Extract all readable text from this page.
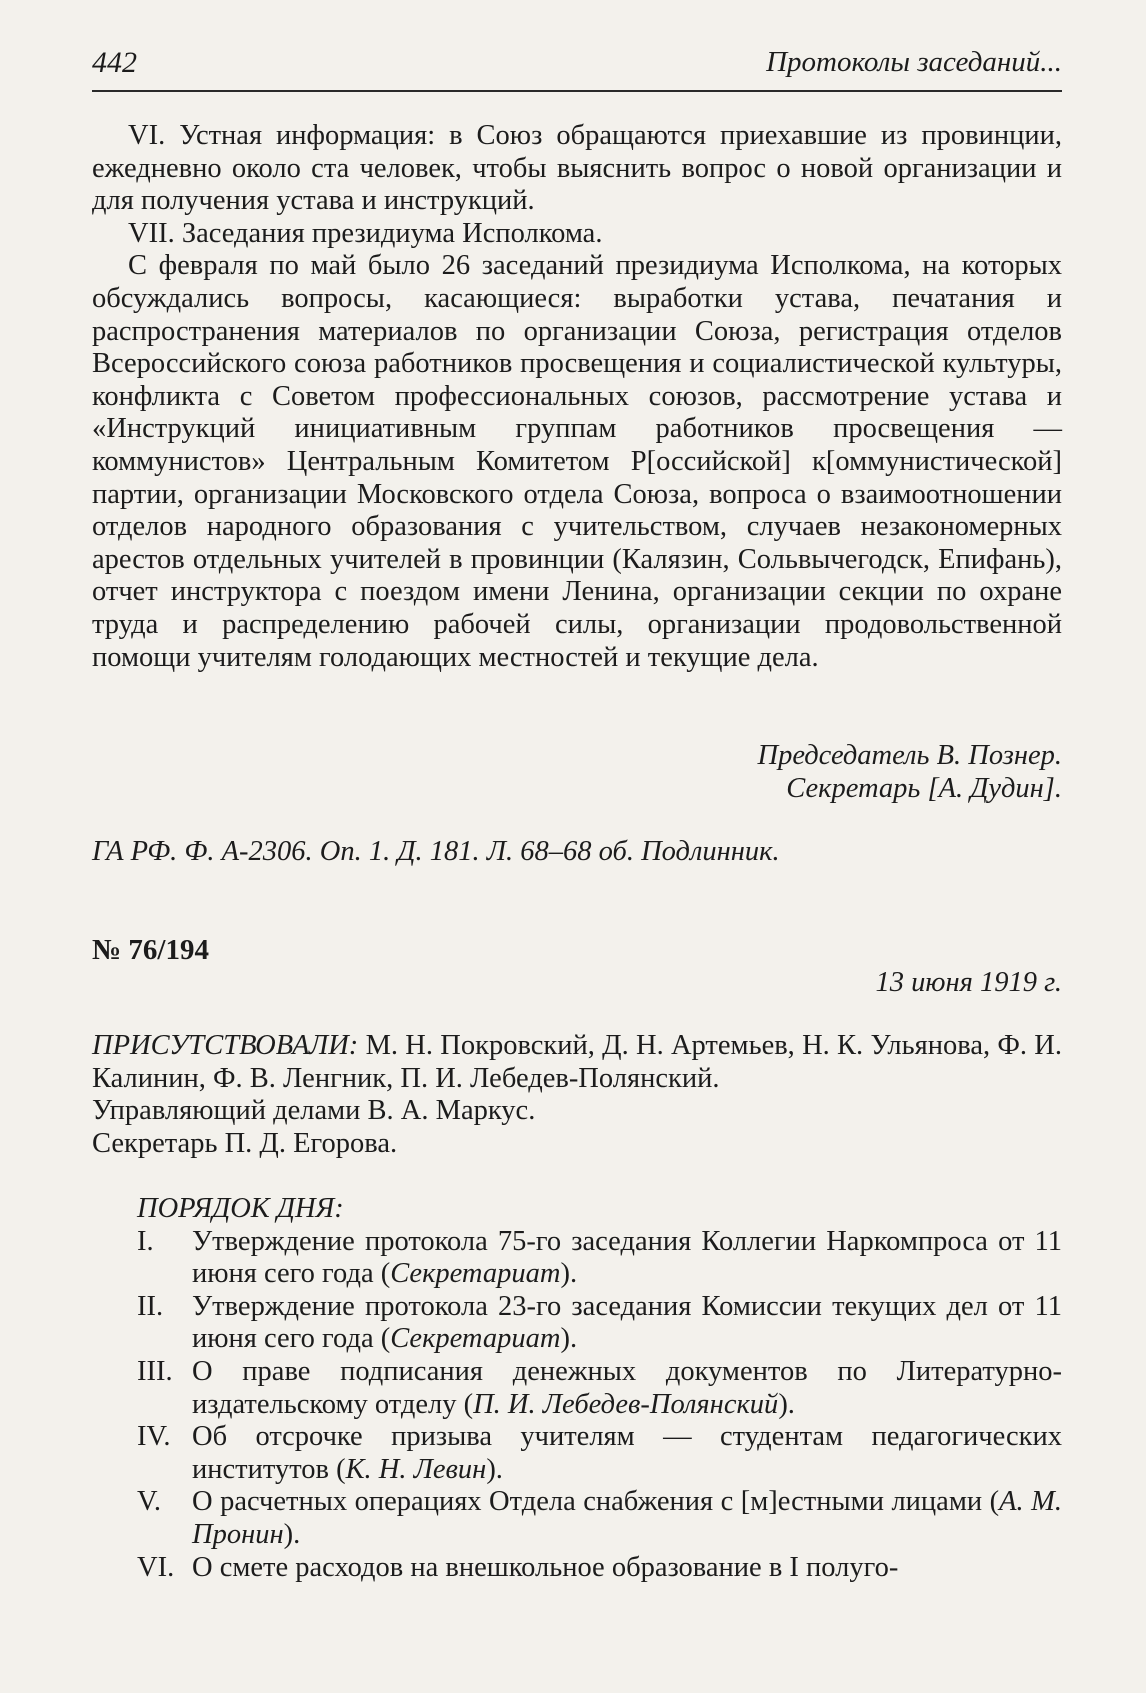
442	Протоколы заседаний...

VI. Устная информация: в Союз обращаются приехавшие из провинции, ежедневно около ста человек, чтобы выяснить вопрос о новой организации и для получения устава и инструкций.

VII. Заседания президиума Исполкома.

С февраля по май было 26 заседаний президиума Исполкома, на которых обсуждались вопросы, касающиеся: выработки устава, печатания и распространения материалов по организации Союза, регистрация отделов Всероссийского союза работников просвещения и социалистической культуры, конфликта с Советом профессиональных союзов, рассмотрение устава и «Инструкций инициативным группам работников просвещения — коммунистов» Центральным Комитетом Р[оссийской] к[оммунистической] партии, организации Московского отдела Союза, вопроса о взаимоотношении отделов народного образования с учительством, случаев незакономерных арестов отдельных учителей в провинции (Калязин, Сольвычегодск, Епифань), отчет инструктора с поездом имени Ленина, организации секции по охране труда и распределению рабочей силы, организации продовольственной помощи учителям голодающих местностей и текущие дела.

Председатель В. Познер.

Секретарь [А. Дудин].

ГА РФ. Ф. А-2306. Оп. 1. Д. 181. Л. 68–68 об. Подлинник.

№ 76/194

13 июня 1919 г.

ПРИСУТСТВОВАЛИ: М. Н. Покровский, Д. Н. Артемьев, Н. К. Ульянова, Ф. И. Калинин, Ф. В. Ленгник, П. И. Лебедев-Полянский.

Управляющий делами В. А. Маркус.

Секретарь П. Д. Егорова.

ПОРЯДОК ДНЯ:

I.	Утверждение протокола 75-го заседания Коллегии Наркомпроса от 11 июня сего года (Секретариат).
II.	Утверждение протокола 23-го заседания Комиссии текущих дел от 11 июня сего года (Секретариат).
III. О праве подписания денежных документов по Литературно-издательскому отделу (П. И. Лебедев-Полянский).
IV. Об отсрочке призыва учителям — студентам педагогических институтов (К. Н. Левин).
V.	О расчетных операциях Отдела снабжения с [м]естными лицами (А. М. Пронин).
VI. О смете расходов на внешкольное образование в I полуго-
